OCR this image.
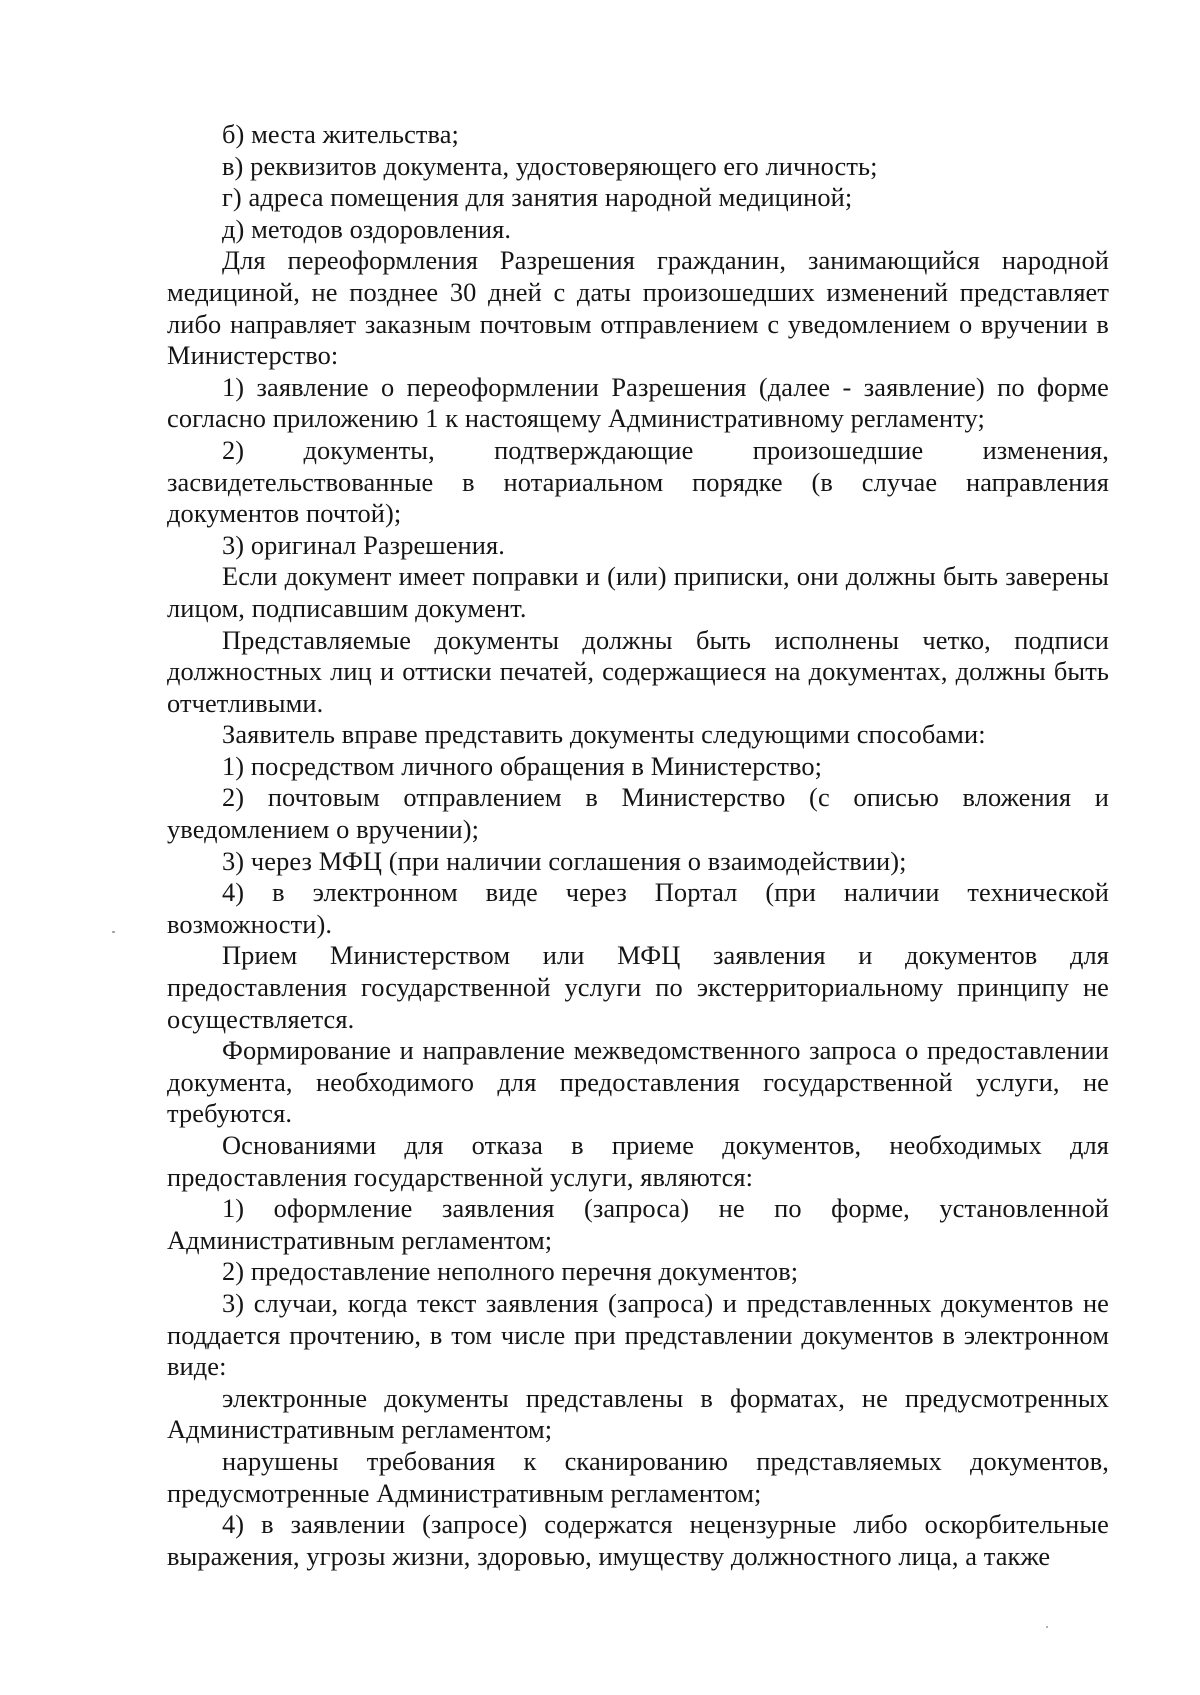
б) места жительства;

в) реквизитов документа, удостоверяющего его личность;

г) адреса помещения для занятия народной медициной;

д) методов оздоровления.

Для переоформления Разрешения гражданин, занимающийся народной медициной, не позднее 30 дней с даты произошедших изменений представляет либо направляет заказным почтовым отправлением с уведомлением о вручении в Министерство:

1) заявление о переоформлении Разрешения (далее - заявление) по форме согласно приложению 1 к настоящему Административному регламенту;

2) документы, подтверждающие произошедшие изменения, засвидетельствованные в нотариальном порядке (в случае направления документов почтой);

3) оригинал Разрешения.

Если документ имеет поправки и (или) приписки, они должны быть заверены лицом, подписавшим документ.

Представляемые документы должны быть исполнены четко, подписи должностных лиц и оттиски печатей, содержащиеся на документах, должны быть отчетливыми.

Заявитель вправе представить документы следующими способами:

1) посредством личного обращения в Министерство;

2) почтовым отправлением в Министерство (с описью вложения и уведомлением о вручении);

3) через МФЦ (при наличии соглашения о взаимодействии);

4) в электронном виде через Портал (при наличии технической возможности).

Прием Министерством или МФЦ заявления и документов для предоставления государственной услуги по экстерриториальному принципу не осуществляется.

Формирование и направление межведомственного запроса о предоставлении документа, необходимого для предоставления государственной услуги, не требуются.

Основаниями для отказа в приеме документов, необходимых для предоставления государственной услуги, являются:

1) оформление заявления (запроса) не по форме, установленной Административным регламентом;

2) предоставление неполного перечня документов;

3) случаи, когда текст заявления (запроса) и представленных документов не поддается прочтению, в том числе при представлении документов в электронном виде:

электронные документы представлены в форматах, не предусмотренных Административным регламентом;

нарушены требования к сканированию представляемых документов, предусмотренные Административным регламентом;

4) в заявлении (запросе) содержатся нецензурные либо оскорбительные выражения, угрозы жизни, здоровью, имуществу должностного лица, а также
